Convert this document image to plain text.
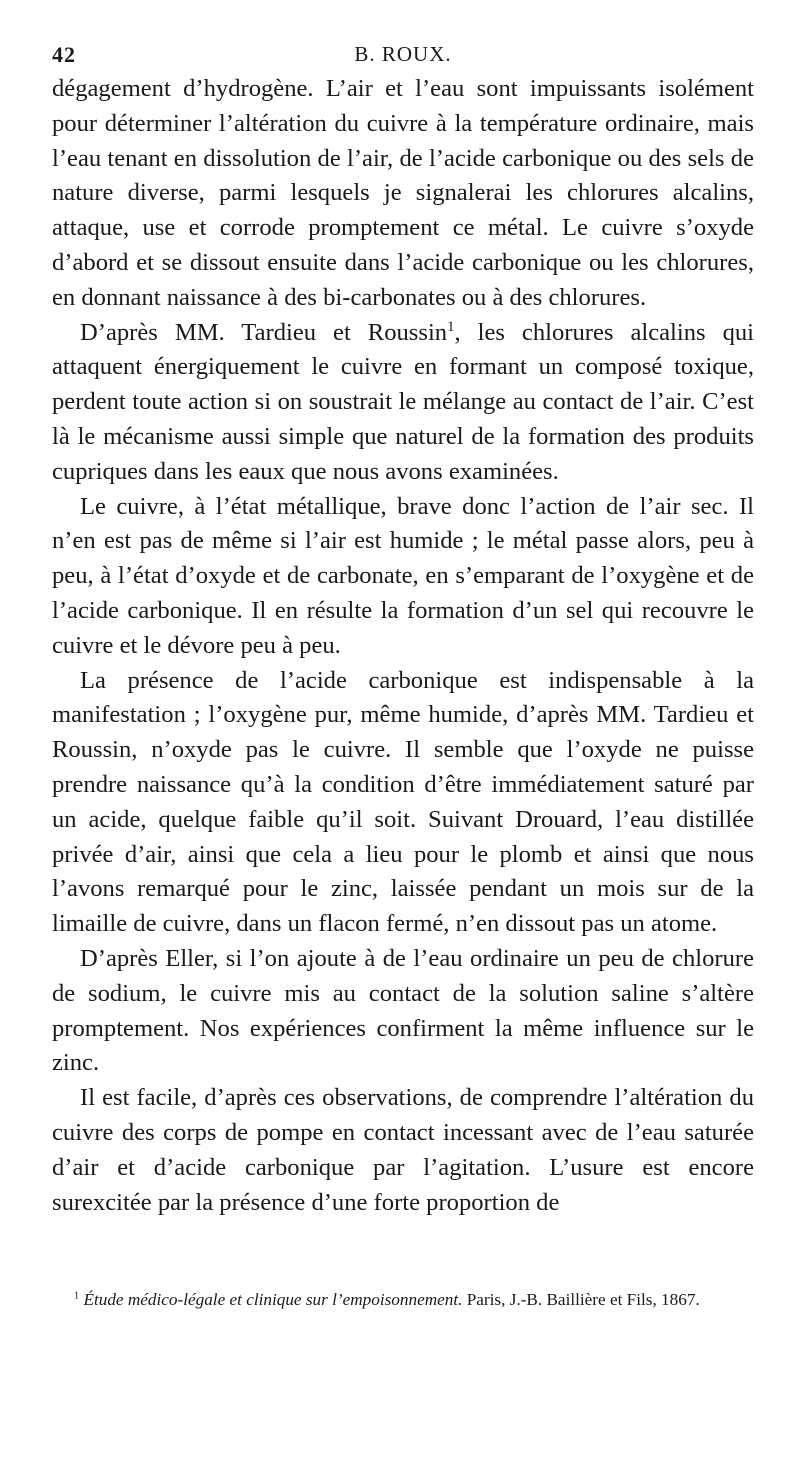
42	B. ROUX.

dégagement d’hydrogène. L’air et l’eau sont impuissants isolément pour déterminer l’altération du cuivre à la température ordinaire, mais l’eau tenant en dissolution de l’air, de l’acide carbonique ou des sels de nature diverse, parmi lesquels je signalerai les chlorures alcalins, attaque, use et corrode promptement ce métal. Le cuivre s’oxyde d’abord et se dissout ensuite dans l’acide carbonique ou les chlorures, en donnant naissance à des bi-carbonates ou à des chlorures.

D’après MM. Tardieu et Roussin$^1$, les chlorures alcalins qui attaquent énergiquement le cuivre en formant un composé toxique, perdent toute action si on soustrait le mélange au contact de l’air. C’est là le mécanisme aussi simple que naturel de la formation des produits cupriques dans les eaux que nous avons examinées.

Le cuivre, à l’état métallique, brave donc l’action de l’air sec. Il n’en est pas de même si l’air est humide ; le métal passe alors, peu à peu, à l’état d’oxyde et de carbonate, en s’emparant de l’oxygène et de l’acide carbonique. Il en résulte la formation d’un sel qui recouvre le cuivre et le dévore peu à peu.

La présence de l’acide carbonique est indispensable à la manifestation ; l’oxygène pur, même humide, d’après MM. Tardieu et Roussin, n’oxyde pas le cuivre. Il semble que l’oxyde ne puisse prendre naissance qu’à la condition d’être immédiatement saturé par un acide, quelque faible qu’il soit. Suivant Drouard, l’eau distillée privée d’air, ainsi que cela a lieu pour le plomb et ainsi que nous l’avons remarqué pour le zinc, laissée pendant un mois sur de la limaille de cuivre, dans un flacon fermé, n’en dissout pas un atome.

D’après Eller, si l’on ajoute à de l’eau ordinaire un peu de chlorure de sodium, le cuivre mis au contact de la solution saline s’altère promptement. Nos expériences confirment la même influence sur le zinc.

Il est facile, d’après ces observations, de comprendre l’altération du cuivre des corps de pompe en contact incessant avec de l’eau saturée d’air et d’acide carbonique par l’agitation. L’usure est encore surexcitée par la présence d’une forte proportion de

$^1$ Étude médico-légale et clinique sur l’empoisonnement. Paris, J.-B. Baillière et Fils, 1867.
